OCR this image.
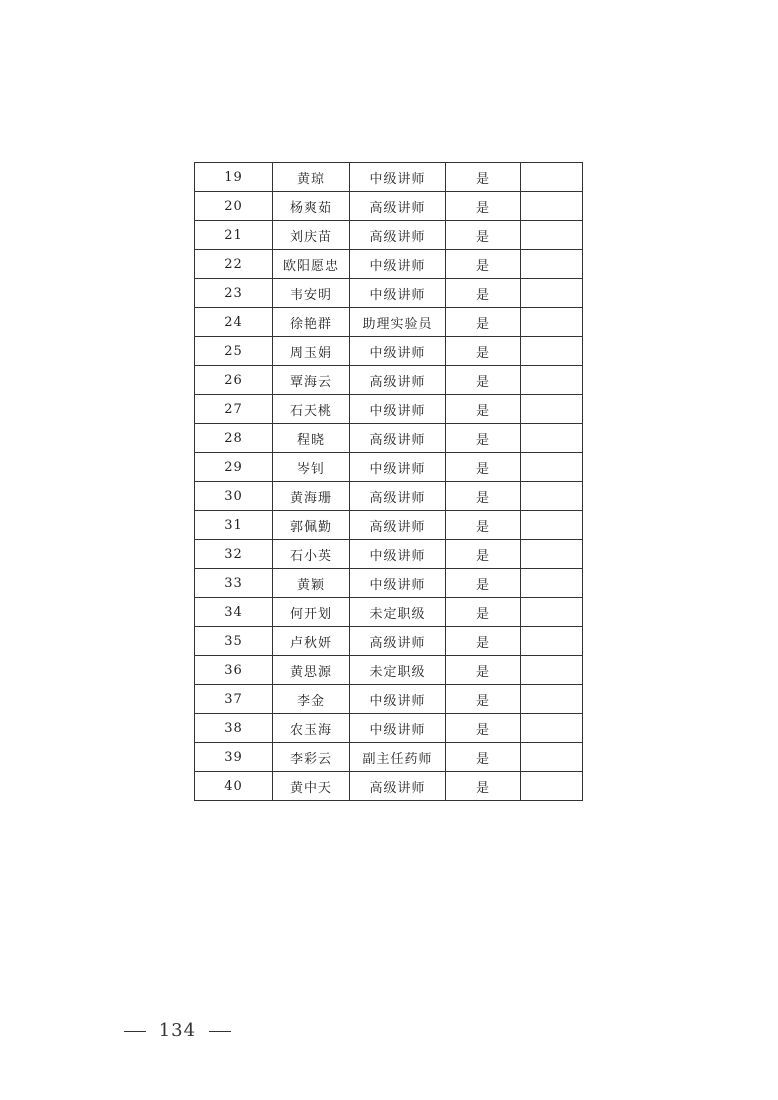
19	黄琼	中级讲师	是	
20	杨爽茹	高级讲师	是	
21	刘庆苗	高级讲师	是	
22	欧阳愿忠	中级讲师	是	
23	韦安明	中级讲师	是	
24	徐艳群	助理实验员	是	
25	周玉娟	中级讲师	是	
26	覃海云	高级讲师	是	
27	石天桃	中级讲师	是	
28	程晓	高级讲师	是	
29	岑钊	中级讲师	是	
30	黄海珊	高级讲师	是	
31	郭佩勤	高级讲师	是	
32	石小英	中级讲师	是	
33	黄颖	中级讲师	是	
34	何开划	未定职级	是	
35	卢秋妍	高级讲师	是	
36	黄思源	未定职级	是	
37	李金	中级讲师	是	
38	农玉海	中级讲师	是	
39	李彩云	副主任药师	是	
40	黄中天	高级讲师	是	
134
